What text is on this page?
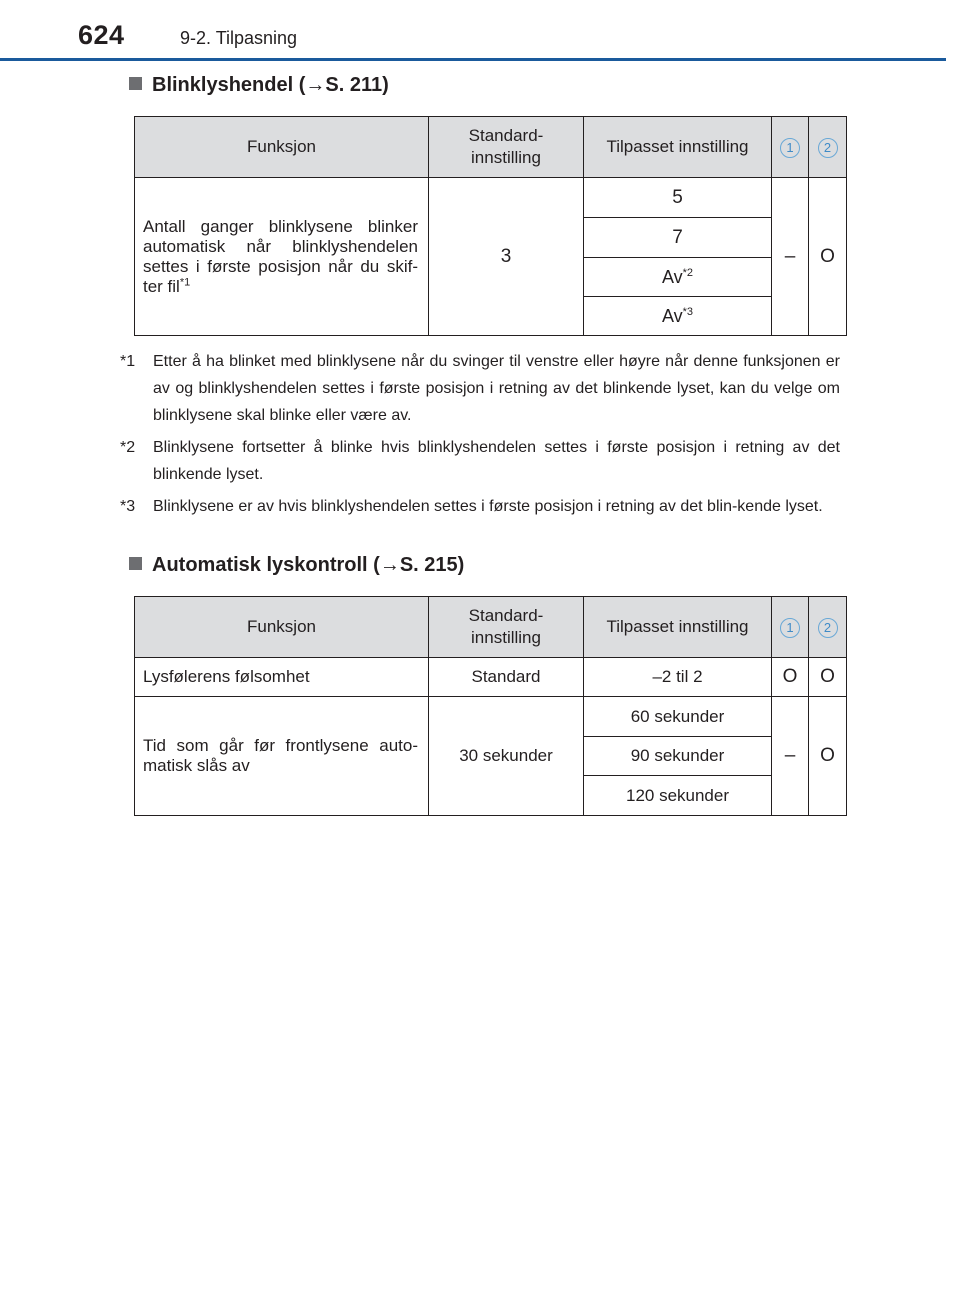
624	9-2. Tilpasning
Blinklyshendel (→S. 211)
Funksjon	Standard-innstilling	Tilpasset innstilling	1	2
Antall ganger blinklysene blinker automatisk når blinklyshendelen settes i første posisjon når du skif-ter fil$^{*1}$	3	5	–	O
		7		
		Av$^{*2}$
		Av$^{*3}$
*1	Etter å ha blinket med blinklysene når du svinger til venstre eller høyre når denne funksjonen er av og blinklyshendelen settes i første posisjon i retning av det blinkende lyset, kan du velge om blinklysene skal blinke eller være av.
*2	Blinklysene fortsetter å blinke hvis blinklyshendelen settes i første posisjon i retning av det blinkende lyset.
*3	Blinklysene er av hvis blinklyshendelen settes i første posisjon i retning av det blin-kende lyset.
Automatisk lyskontroll (→S. 215)
Funksjon	Standard-innstilling	Tilpasset innstilling	1	2
Lysfølerens følsomhet	Standard	–2 til 2	O	O
Tid som går før frontlysene auto-matisk slås av	30 sekunder	60 sekunder	–	O
		90 sekunder		
		120 sekunder		
